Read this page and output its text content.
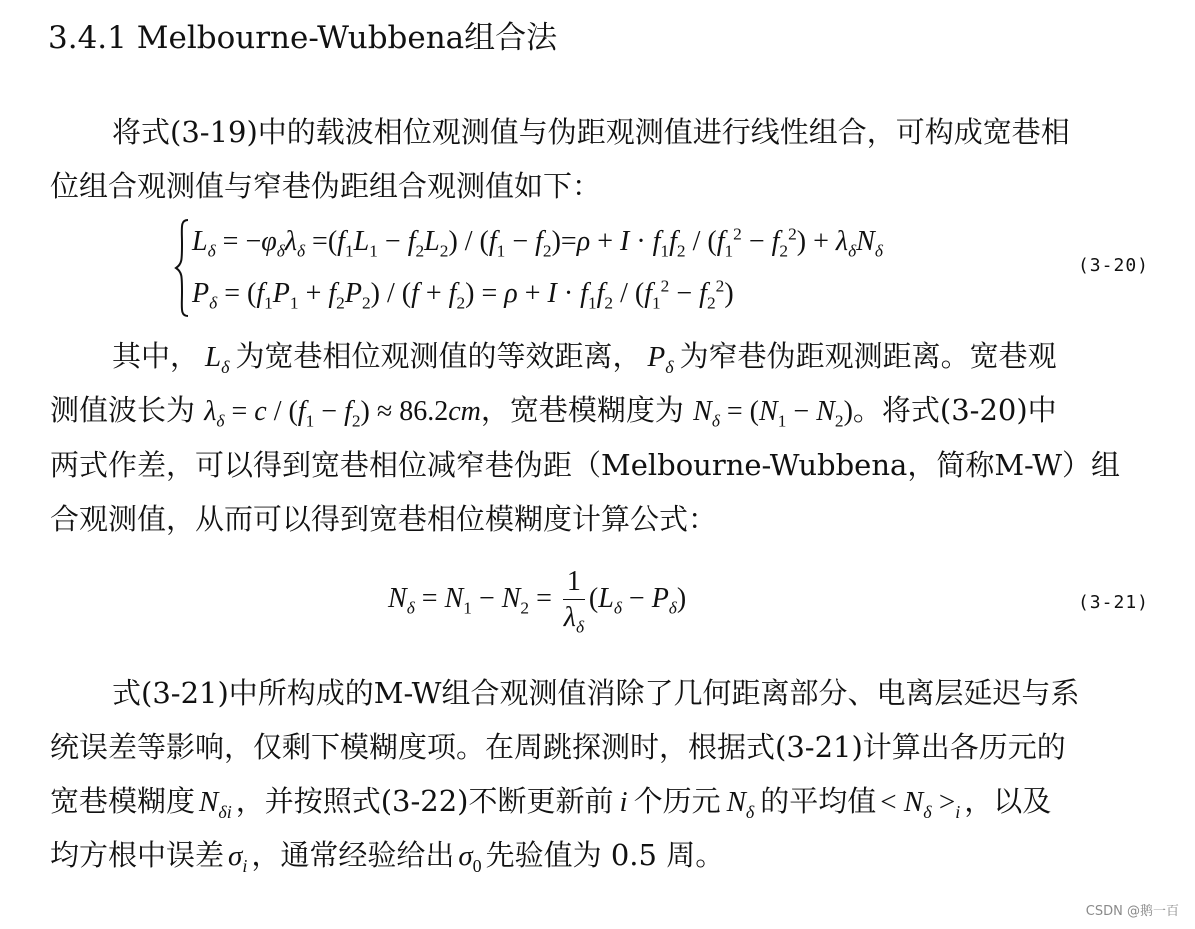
3.4.1 Melbourne-Wubbena组合法
将式(3-19)中的载波相位观测值与伪距观测值进行线性组合，可构成宽巷相
位组合观测值与窄巷伪距组合观测值如下：
$L_\delta = -\varphi_\delta\lambda_\delta =(f_1L_1 - f_2L_2) / (f_1 - f_2)=\rho + I \cdot f_1f_2 / (f_1^2 - f_2^2) + \lambda_\delta N_\delta$
$P_\delta = (f_1P_1 + f_2P_2) / (f + f_2) = \rho + I \cdot f_1f_2 / (f_1^2 - f_2^2)$
(3-20)
其中， $L_\delta$ 为宽巷相位观测值的等效距离， $P_\delta$ 为窄巷伪距观测距离。宽巷观
测值波长为 $\lambda_\delta = c / (f_1 - f_2) \approx 86.2cm$，宽巷模糊度为 $N_\delta = (N_1 - N_2)$。将式(3-20)中
两式作差，可以得到宽巷相位减窄巷伪距（Melbourne-Wubbena，简称M-W）组
合观测值，从而可以得到宽巷相位模糊度计算公式：
$N_\delta = N_1 - N_2 = \frac{1}{\lambda_\delta} (L_\delta - P_\delta)$	(3-21)
式(3-21)中所构成的M-W组合观测值消除了几何距离部分、电离层延迟与系
统误差等影响，仅剩下模糊度项。在周跳探测时，根据式(3-21)计算出各历元的
宽巷模糊度 $N_{\delta i}$ ，并按照式(3-22)不断更新前 i 个历元 $N_\delta$ 的平均值 < $N_\delta >_i$ ，以及
均方根中误差 $\sigma_i$ ，通常经验给出 $\sigma_0$ 先验值为 0.5 周。
CSDN @鹅一百
